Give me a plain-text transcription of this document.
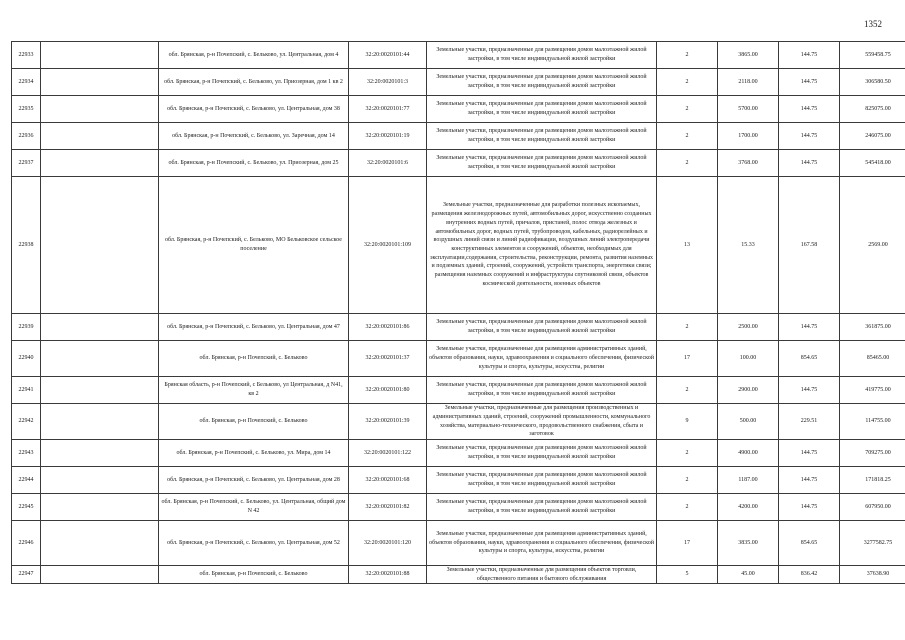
1352
22933		обл. Брянская, р-н Почепский, с. Бельково, ул. Центральная, дом 4	32:20:0020101:44	Земельные участки, предназначенные для размещения домов малоэтажной жилой застройки, в том числе индивидуальной жилой застройки	2	3865.00	144.75	559458.75
22934		обл. Брянская, р-н Почепский, с. Бельково, ул. Приозерная, дом 1 кв 2	32:20:0020101:3	Земельные участки, предназначенные для размещения домов малоэтажной жилой застройки, в том числе индивидуальной жилой застройки	2	2118.00	144.75	306580.50
22935		обл. Брянская, р-н Почепский, с. Бельково, ул. Центральная, дом 38	32:20:0020101:77	Земельные участки, предназначенные для размещения домов малоэтажной жилой застройки, в том числе индивидуальной жилой застройки	2	5700.00	144.75	825075.00
22936		обл. Брянская, р-н Почепский, с. Бельково, ул. Заречная, дом 14	32:20:0020101:19	Земельные участки, предназначенные для размещения домов малоэтажной жилой застройки, в том числе индивидуальной жилой застройки	2	1700.00	144.75	246075.00
22937		обл. Брянская, р-н Почепский, с. Бельково, ул. Приозерная, дом 25	32:20:0020101:6	Земельные участки, предназначенные для размещения домов малоэтажной жилой застройки, в том числе индивидуальной жилой застройки	2	3768.00	144.75	545418.00
22938		обл. Брянская, р-н Почепский, с. Бельково, МО Бельковское сельское поселение	32:20:0020101:109	Земельные участки, предназначенные для разработки полезных ископаемых, размещения железнодорожных путей, автомобильных дорог, искусственно созданных внутренних водных путей, причалов, пристаней, полос отвода железных и автомобильных дорог, водных путей, трубопроводов, кабельных, радиорелейных и воздушных линий связи и линий радиофикации, воздушных линий электропередачи конструктивных элементов и сооружений, объектов, необходимых для эксплуатации,содержания, строительства, реконструкции, ремонта, развития наземных и подземных зданий, строений, сооружений, устройств транспорта, энергетики связи; размещения наземных сооружений и инфраструктуры спутниковой связи, объектов космической деятельности, военных объектов	13	15.33	167.58	2569.00
22939		обл. Брянская, р-н Почепский, с. Бельково, ул. Центральная, дом 47	32:20:0020101:86	Земельные участки, предназначенные для размещения домов малоэтажной жилой застройки, в том числе индивидуальной жилой застройки	2	2500.00	144.75	361875.00
22940		обл. Брянская, р-н Почепский, с. Бельково	32:20:0020101:37	Земельные участки, предназначенные для размещения административных зданий, объектов образования, науки, здравоохранения и социального обеспечения, физической культуры и спорта, культуры, искусства, религии	17	100.00	854.65	85465.00
22941		Брянская область, р-н Почепский, с Бельково, ул Центральная, д N41, кв 2	32:20:0020101:80	Земельные участки, предназначенные для размещения домов малоэтажной жилой застройки, в том числе индивидуальной жилой застройки	2	2900.00	144.75	419775.00
22942		обл. Брянская, р-н Почепский, с. Бельково	32:20:0020101:39	Земельные участки, предназначенные для размещения производственных и административных зданий, строений, сооружений промышленности, коммунального хозяйства, материально-технического, продовольственного снабжения, сбыта и заготовок	9	500.00	229.51	114755.00
22943		обл. Брянская, р-н Почепский, с. Бельково, ул. Мира, дом 14	32:20:0020101:122	Земельные участки, предназначенные для размещения домов малоэтажной жилой застройки, в том числе индивидуальной жилой застройки	2	4900.00	144.75	709275.00
22944		обл. Брянская, р-н Почепский, с. Бельково, ул. Центральная, дом 28	32:20:0020101:68	Земельные участки, предназначенные для размещения домов малоэтажной жилой застройки, в том числе индивидуальной жилой застройки	2	1187.00	144.75	171818.25
22945		обл. Брянская, р-н Почепский, с. Бельково, ул. Центральная, общий дом N 42	32:20:0020101:82	Земельные участки, предназначенные для размещения домов малоэтажной жилой застройки, в том числе индивидуальной жилой застройки	2	4200.00	144.75	607950.00
22946		обл. Брянская, р-н Почепский, с. Бельково, ул. Центральная, дом 52	32:20:0020101:120	Земельные участки, предназначенные для размещения административных зданий, объектов образования, науки, здравоохранения и социального обеспечения, физической культуры и спорта, культуры, искусства, религии	17	3835.00	854.65	3277582.75
22947		обл. Брянская, р-н Почепский, с. Бельково	32:20:0020101:88	Земельные участки, предназначенные для размещения объектов торговли, общественного питания и бытового обслуживания	5	45.00	836.42	37638.90
